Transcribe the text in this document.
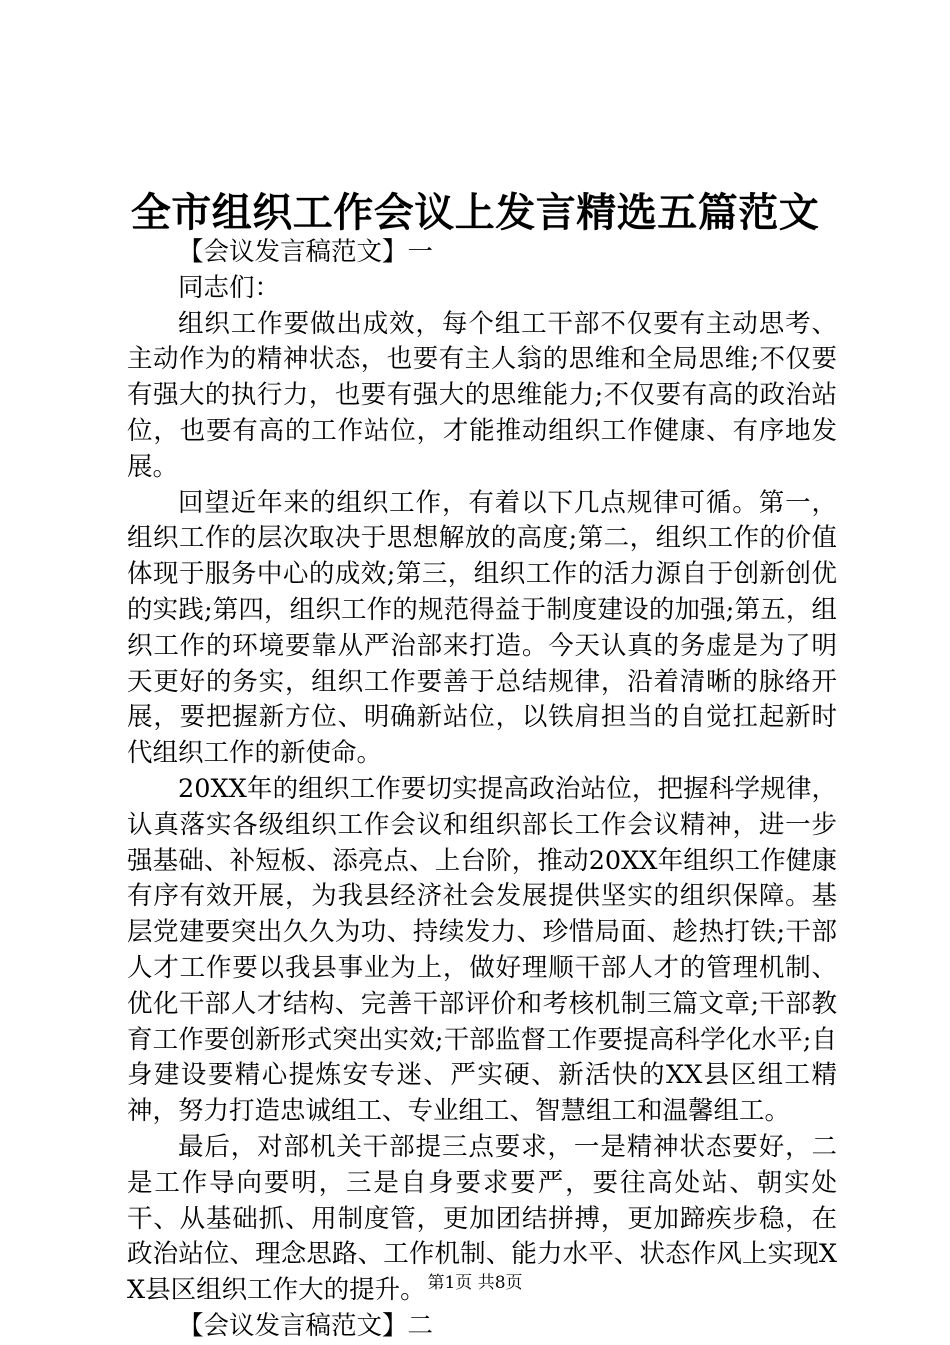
全市组织工作会议上发言精选五篇范文

【会议发言稿范文】一

同志们：

组织工作要做出成效，每个组工干部不仅要有主动思考、主动作为的精神状态，也要有主人翁的思维和全局思维;不仅要有强大的执行力，也要有强大的思维能力;不仅要有高的政治站位，也要有高的工作站位，才能推动组织工作健康、有序地发展。

回望近年来的组织工作，有着以下几点规律可循。第一，组织工作的层次取决于思想解放的高度;第二，组织工作的价值体现于服务中心的成效;第三，组织工作的活力源自于创新创优的实践;第四，组织工作的规范得益于制度建设的加强;第五，组织工作的环境要靠从严治部来打造。今天认真的务虚是为了明天更好的务实，组织工作要善于总结规律，沿着清晰的脉络开展，要把握新方位、明确新站位，以铁肩担当的自觉扛起新时代组织工作的新使命。

20XX年的组织工作要切实提高政治站位，把握科学规律，认真落实各级组织工作会议和组织部长工作会议精神，进一步强基础、补短板、添亮点、上台阶，推动20XX年组织工作健康有序有效开展，为我县经济社会发展提供坚实的组织保障。基层党建要突出久久为功、持续发力、珍惜局面、趁热打铁;干部人才工作要以我县事业为上，做好理顺干部人才的管理机制、优化干部人才结构、完善干部评价和考核机制三篇文章;干部教育工作要创新形式突出实效;干部监督工作要提高科学化水平;自身建设要精心提炼安专迷、严实硬、新活快的XX县区组工精神，努力打造忠诚组工、专业组工、智慧组工和温馨组工。

最后，对部机关干部提三点要求，一是精神状态要好，二是工作导向要明，三是自身要求要严，要往高处站、朝实处干、从基础抓、用制度管，更加团结拼搏，更加蹄疾步稳，在政治站位、理念思路、工作机制、能力水平、状态作风上实现XX县区组织工作大的提升。

【会议发言稿范文】二

第1页 共8页
